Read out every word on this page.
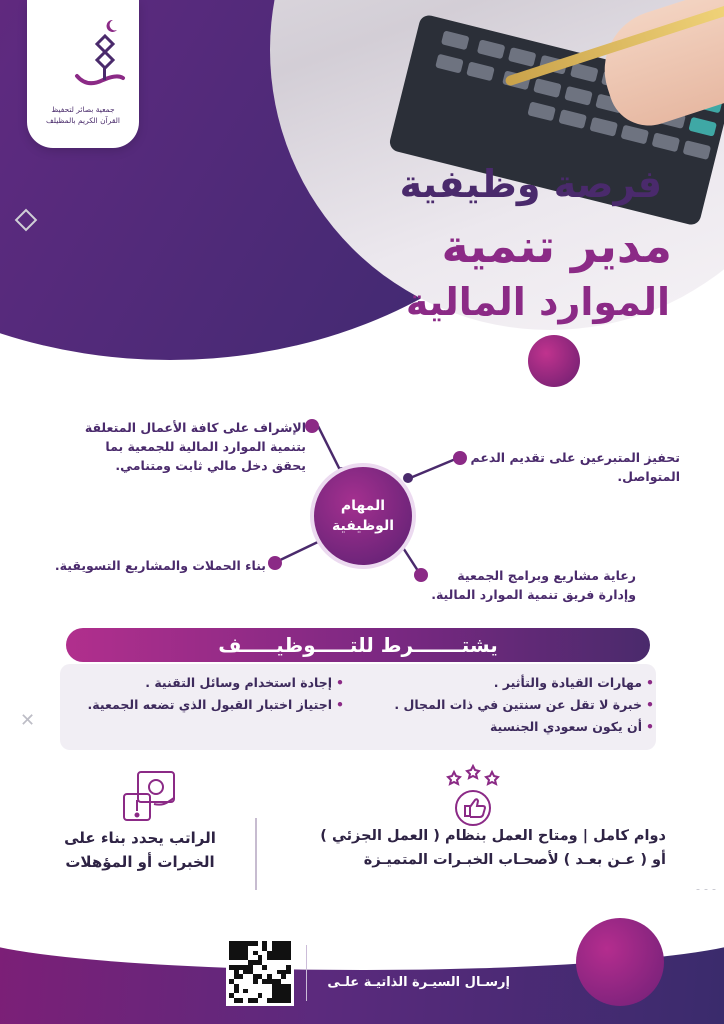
✕
جمعية بصائر لتحفيظ
القرآن الكريم بالمظيلف
فرصة وظيفية
مدير تنمية
الموارد المالية
المهام الوظيفية
الإشراف على كافة الأعمال المتعلقة بتنمية الموارد المالية للجمعية بما يحقق دخل مالي ثابت ومتنامي.
تحفيز المتبرعين على تقديم الدعم المتواصل.
بناء الحملات والمشاريع التسويقية.
رعاية مشاريع وبرامج الجمعية وإدارة فريق تنمية الموارد المالية.
يشتـــــــرط للتـــــوظيـــــف
•مهارات القيادة والتأثير .
•خبرة لا تقل عن سنتين في ذات المجال .
•أن يكون سعودي الجنسية
•إجادة استخدام وسائل التقنية .
•اجتياز اختبار القبول الذي تضعه الجمعية.
دوام كامل | ومتاح العمل بنظام ( العمل الجزئي )
أو ( عـن بعـد ) لأصحـاب الخبـرات المتميـزة
الراتب يحدد بناء على
الخبرات أو المؤهلات
للتقديم على الفرصة الوظيفية
إرسـال السيـرة الذاتيـة علـى
